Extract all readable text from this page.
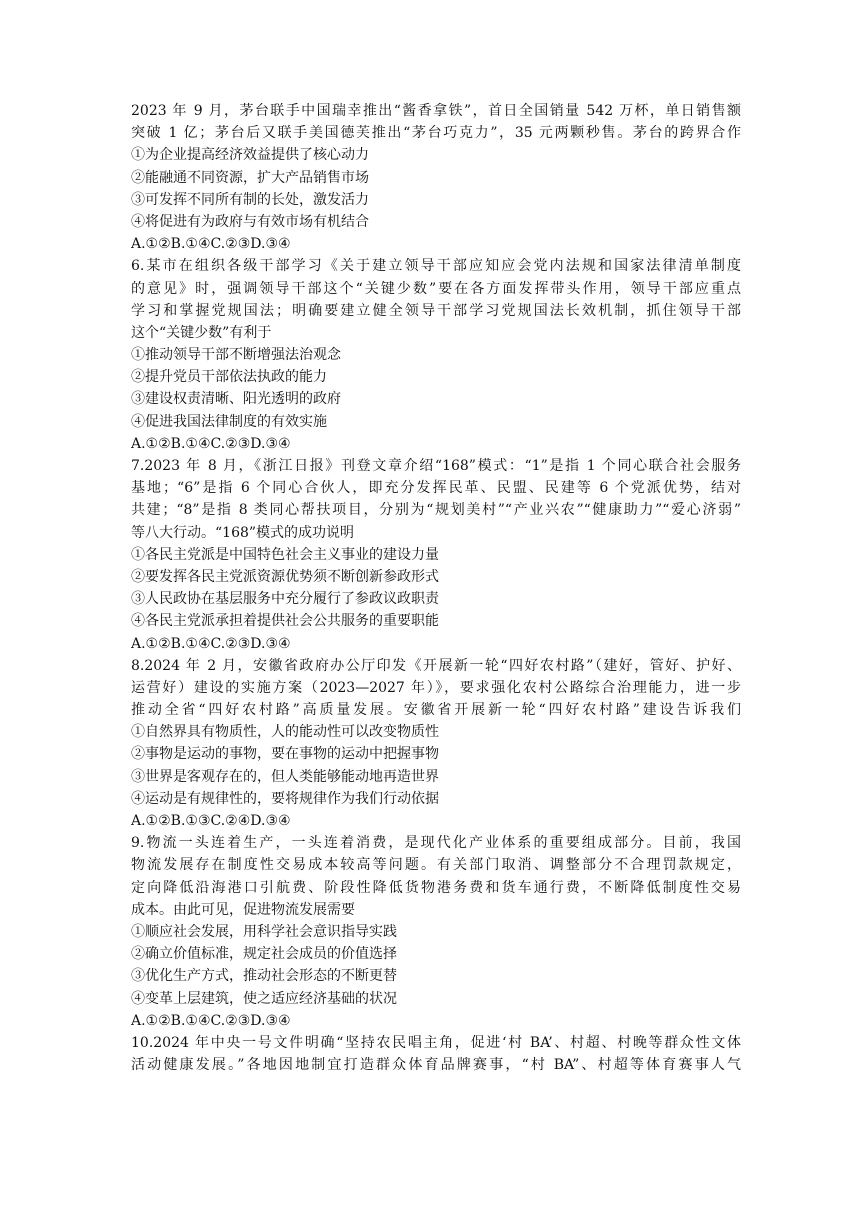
2023 年 9 月，茅台联手中国瑞幸推出“酱香拿铁”，首日全国销量 542 万杯，单日销售额
突破 1 亿；茅台后又联手美国德芙推出“茅台巧克力”，35 元两颗秒售。茅台的跨界合作
①为企业提高经济效益提供了核心动力
②能融通不同资源，扩大产品销售市场
③可发挥不同所有制的长处，激发活力
④将促进有为政府与有效市场有机结合
A.①②B.①④C.②③D.③④
6.某市在组织各级干部学习《关于建立领导干部应知应会党内法规和国家法律清单制度
的意见》时，强调领导干部这个“关键少数”要在各方面发挥带头作用，领导干部应重点
学习和掌握党规国法；明确要建立健全领导干部学习党规国法长效机制，抓住领导干部
这个“关键少数”有利于
①推动领导干部不断增强法治观念
②提升党员干部依法执政的能力
③建设权责清晰、阳光透明的政府
④促进我国法律制度的有效实施
A.①②B.①④C.②③D.③④
7.2023 年 8 月，《浙江日报》刊登文章介绍“168”模式：“1”是指 1 个同心联合社会服务
基地；“6”是指 6 个同心合伙人，即充分发挥民革、民盟、民建等 6 个党派优势，结对
共建；“8”是指 8 类同心帮扶项目，分别为“规划美村”“产业兴农”“健康助力”“爱心济弱”
等八大行动。“168”模式的成功说明
①各民主党派是中国特色社会主义事业的建设力量
②要发挥各民主党派资源优势须不断创新参政形式
③人民政协在基层服务中充分履行了参政议政职责
④各民主党派承担着提供社会公共服务的重要职能
A.①②B.①④C.②③D.③④
8.2024 年 2 月，安徽省政府办公厅印发《开展新一轮“四好农村路”（建好，管好、护好、
运营好）建设的实施方案（2023—2027 年）》，要求强化农村公路综合治理能力，进一步
推动全省“四好农村路”高质量发展。安徽省开展新一轮“四好农村路”建设告诉我们
①自然界具有物质性，人的能动性可以改变物质性
②事物是运动的事物，要在事物的运动中把握事物
③世界是客观存在的，但人类能够能动地再造世界
④运动是有规律性的，要将规律作为我们行动依据
A.①②B.①③C.②④D.③④
9.物流一头连着生产，一头连着消费，是现代化产业体系的重要组成部分。目前，我国
物流发展存在制度性交易成本较高等问题。有关部门取消、调整部分不合理罚款规定，
定向降低沿海港口引航费、阶段性降低货物港务费和货车通行费，不断降低制度性交易
成本。由此可见，促进物流发展需要
①顺应社会发展，用科学社会意识指导实践
②确立价值标准，规定社会成员的价值选择
③优化生产方式，推动社会形态的不断更替
④变革上层建筑，使之适应经济基础的状况
A.①②B.①④C.②③D.③④
10.2024 年中央一号文件明确“坚持农民唱主角，促进‘村 BA’、村超、村晚等群众性文体
活动健康发展。”各地因地制宜打造群众体育品牌赛事，“村 BA”、村超等体育赛事人气
